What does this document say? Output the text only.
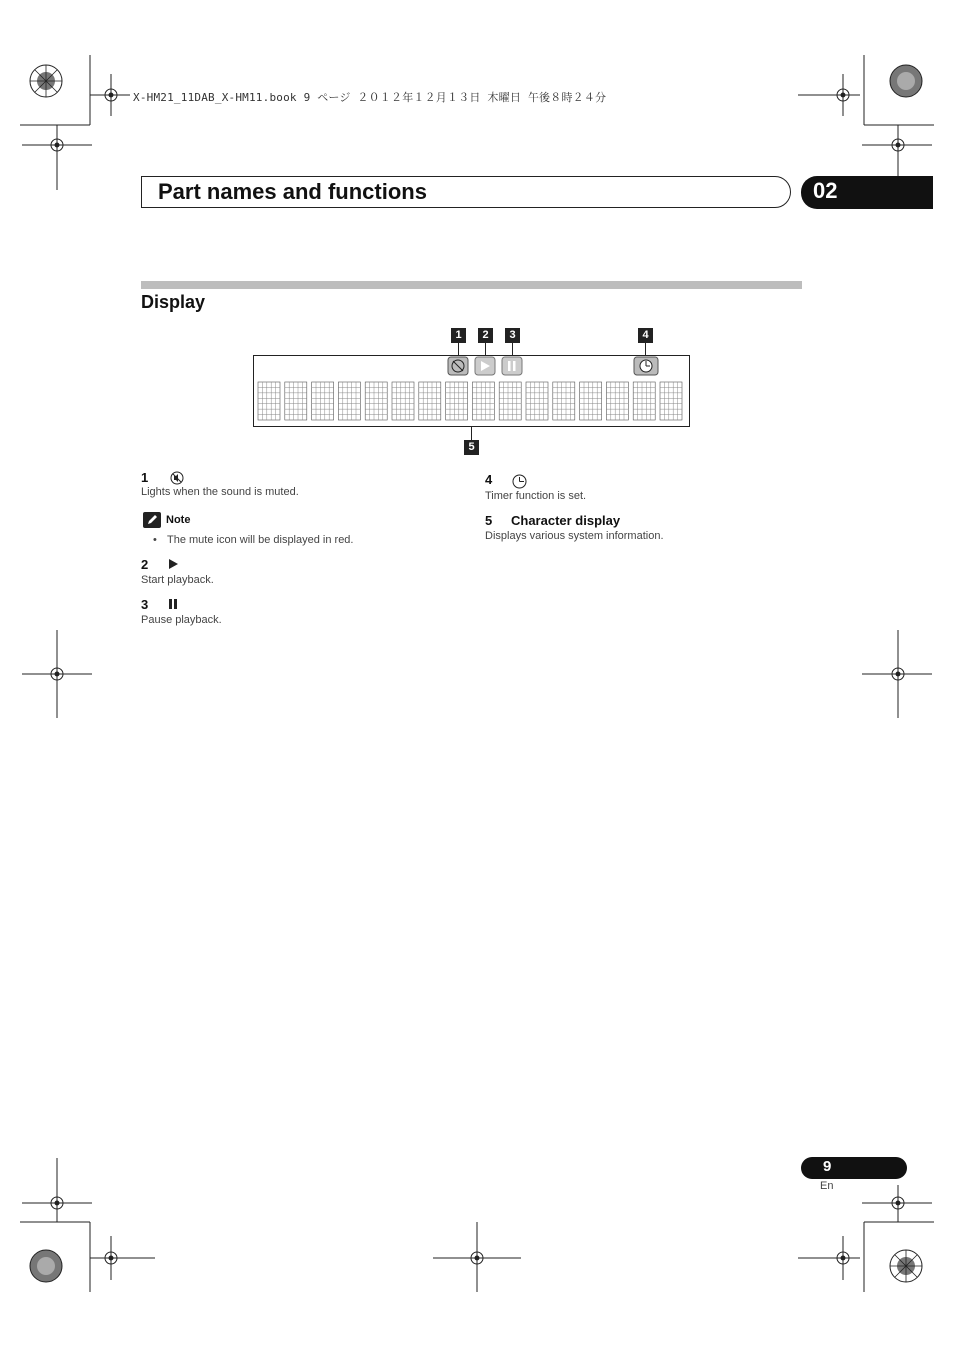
X-HM21_11DAB_X-HM11.book 9 ページ ２０１２年１２月１３日 木曜日 午後８時２４分
Part names and functions	02
Display
1	2	3	4
5
1
Lights when the sound is muted.
Note
• The mute icon will be displayed in red.
2
Start playback.
3
Pause playback.
4
Timer function is set.
5 Character display
Displays various system information.
9
En
